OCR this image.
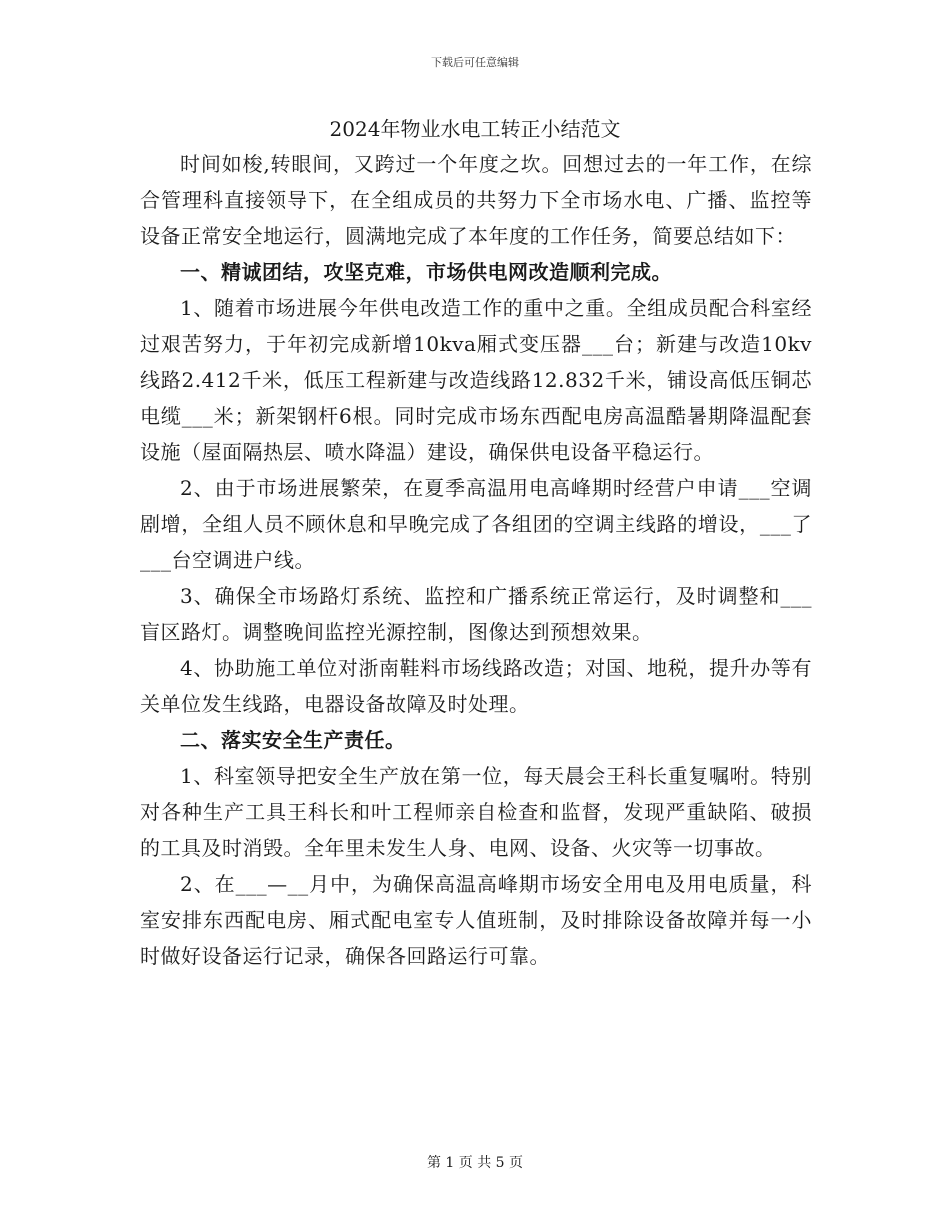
下载后可任意编辑
2024年物业水电工转正小结范文

时间如梭,转眼间，又跨过一个年度之坎。回想过去的一年工作，在综合管理科直接领导下，在全组成员的共努力下全市场水电、广播、监控等设备正常安全地运行，圆满地完成了本年度的工作任务，简要总结如下：

一、精诚团结，攻坚克难，市场供电网改造顺利完成。

1、随着市场进展今年供电改造工作的重中之重。全组成员配合科室经过艰苦努力，于年初完成新增10kva厢式变压器___台；新建与改造10kv线路2.412千米，低压工程新建与改造线路12.832千米，铺设高低压铜芯电缆___米；新架钢杆6根。同时完成市场东西配电房高温酷暑期降温配套设施（屋面隔热层、喷水降温）建设，确保供电设备平稳运行。

2、由于市场进展繁荣，在夏季高温用电高峰期时经营户申请___空调剧增，全组人员不顾休息和早晚完成了各组团的空调主线路的增设，___了___台空调进户线。

3、确保全市场路灯系统、监控和广播系统正常运行，及时调整和___盲区路灯。调整晚间监控光源控制，图像达到预想效果。

4、协助施工单位对浙南鞋料市场线路改造；对国、地税，提升办等有关单位发生线路，电器设备故障及时处理。

二、落实安全生产责任。

1、科室领导把安全生产放在第一位，每天晨会王科长重复嘱咐。特别对各种生产工具王科长和叶工程师亲自检查和监督，发现严重缺陷、破损的工具及时消毁。全年里未发生人身、电网、设备、火灾等一切事故。

2、在___—__月中，为确保高温高峰期市场安全用电及用电质量，科室安排东西配电房、厢式配电室专人值班制，及时排除设备故障并每一小时做好设备运行记录，确保各回路运行可靠。

第 1 页 共 5 页
